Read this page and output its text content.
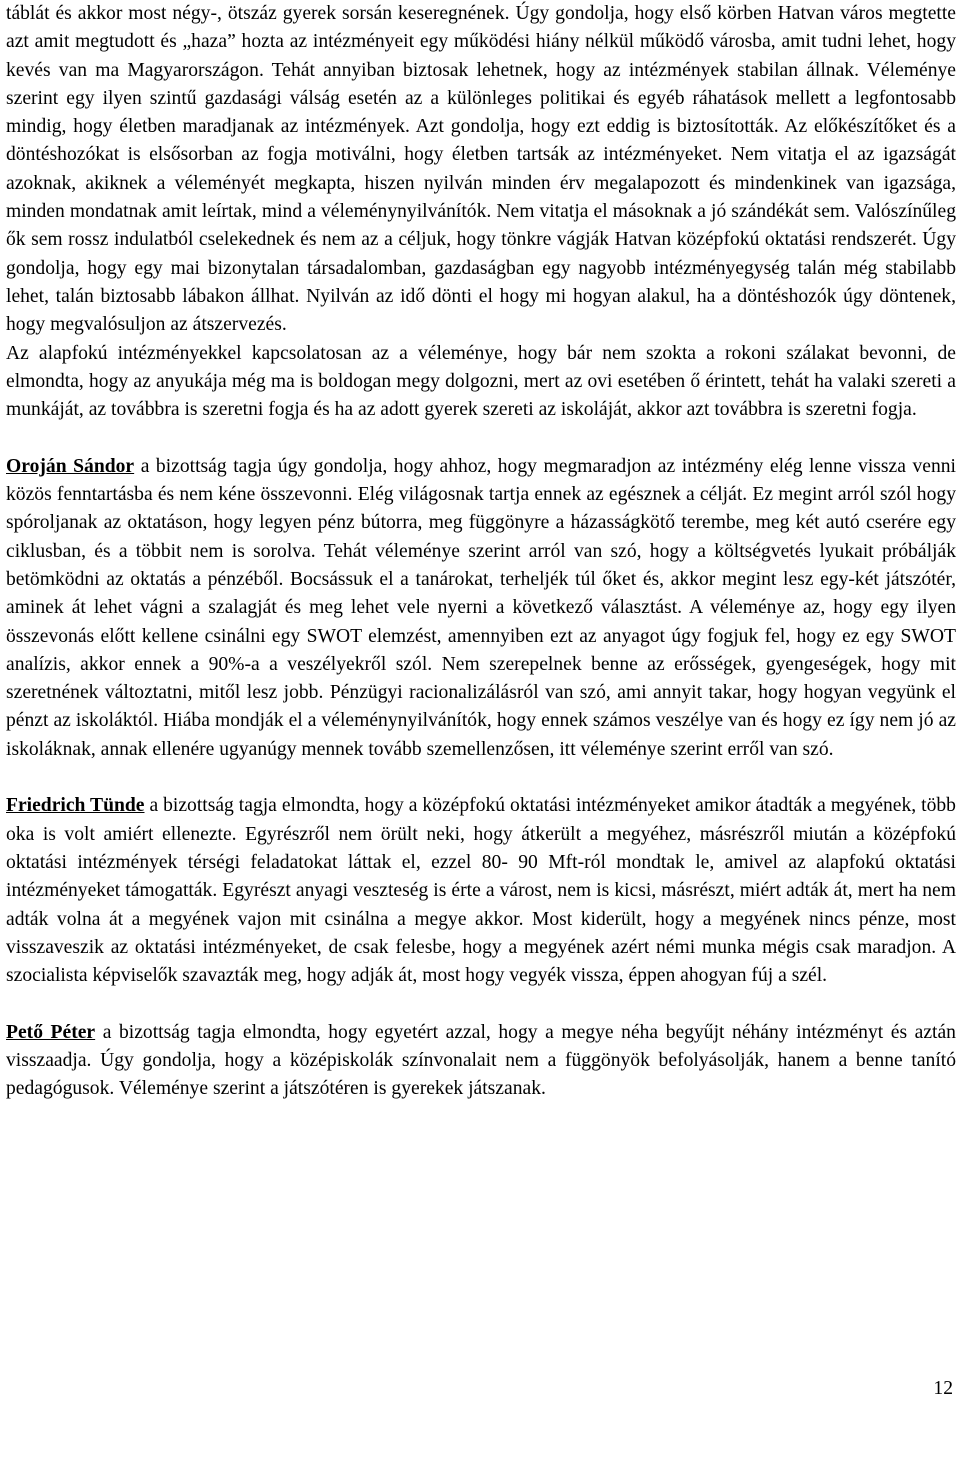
táblát és akkor most négy-, ötszáz gyerek sorsán keseregnének. Úgy gondolja, hogy első körben Hatvan város megtette azt amit megtudott és „haza” hozta az intézményeit egy működési hiány nélkül működő városba, amit tudni lehet, hogy kevés van ma Magyarországon. Tehát annyiban biztosak lehetnek, hogy az intézmények stabilan állnak. Véleménye szerint egy ilyen szintű gazdasági válság esetén az a különleges politikai és egyéb ráhatások mellett a legfontosabb mindig, hogy életben maradjanak az intézmények. Azt gondolja, hogy ezt eddig is biztosították. Az előkészítőket és a döntéshozókat is elsősorban az fogja motiválni, hogy életben tartsák az intézményeket. Nem vitatja el az igazságát azoknak, akiknek a véleményét megkapta, hiszen nyilván minden érv megalapozott és mindenkinek van igazsága, minden mondatnak amit leírtak, mind a véleménynyilvánítók. Nem vitatja el másoknak a jó szándékát sem. Valószínűleg ők sem rossz indulatból cselekednek és nem az a céljuk, hogy tönkre vágják Hatvan középfokú oktatási rendszerét. Úgy gondolja, hogy egy mai bizonytalan társadalomban, gazdaságban egy nagyobb intézményegység talán még stabilabb lehet, talán biztosabb lábakon állhat. Nyilván az idő dönti el hogy mi hogyan alakul, ha a döntéshozók úgy döntenek, hogy megvalósuljon az átszervezés.

Az alapfokú intézményekkel kapcsolatosan az a véleménye, hogy bár nem szokta a rokoni szálakat bevonni, de elmondta, hogy az anyukája még ma is boldogan megy dolgozni, mert az ovi esetében ő érintett, tehát ha valaki szereti a munkáját, az továbbra is szeretni fogja és ha az adott gyerek szereti az iskoláját, akkor azt továbbra is szeretni fogja.

Oroján Sándor a bizottság tagja úgy gondolja, hogy ahhoz, hogy megmaradjon az intézmény elég lenne vissza venni közös fenntartásba és nem kéne összevonni. Elég világosnak tartja ennek az egésznek a célját. Ez megint arról szól hogy spóroljanak az oktatáson, hogy legyen pénz bútorra, meg függönyre a házasságkötő terembe, meg két autó cserére egy ciklusban, és a többit nem is sorolva. Tehát véleménye szerint arról van szó, hogy a költségvetés lyukait próbálják betömködni az oktatás a pénzéből. Bocsássuk el a tanárokat, terheljék túl őket és, akkor megint lesz egy-két játszótér, aminek át lehet vágni a szalagját és meg lehet vele nyerni a következő választást. A véleménye az, hogy egy ilyen összevonás előtt kellene csinálni egy SWOT elemzést, amennyiben ezt az anyagot úgy fogjuk fel, hogy ez egy SWOT analízis, akkor ennek a 90%-a a veszélyekről szól. Nem szerepelnek benne az erősségek, gyengeségek, hogy mit szeretnének változtatni, mitől lesz jobb. Pénzügyi racionalizálásról van szó, ami annyit takar, hogy hogyan vegyünk el pénzt az iskoláktól. Hiába mondják el a véleménynyilvánítók, hogy ennek számos veszélye van és hogy ez így nem jó az iskoláknak, annak ellenére ugyanúgy mennek tovább szemellenzősen, itt véleménye szerint erről van szó.

Friedrich Tünde a bizottság tagja elmondta, hogy a középfokú oktatási intézményeket amikor átadták a megyének, több oka is volt amiért ellenezte. Egyrészről nem örült neki, hogy átkerült a megyéhez, másrészről miután a középfokú oktatási intézmények térségi feladatokat láttak el, ezzel 80- 90 Mft-ról mondtak le, amivel az alapfokú oktatási intézményeket támogatták. Egyrészt anyagi veszteség is érte a várost, nem is kicsi, másrészt, miért adták át, mert ha nem adták volna át a megyének vajon mit csinálna a megye akkor. Most kiderült, hogy a megyének nincs pénze, most visszaveszik az oktatási intézményeket, de csak felesbe, hogy a megyének azért némi munka mégis csak maradjon. A szocialista képviselők szavazták meg, hogy adják át, most hogy vegyék vissza, éppen ahogyan fúj a szél.

Pető Péter a bizottság tagja elmondta, hogy egyetért azzal, hogy a megye néha begyűjt néhány intézményt és aztán visszaadja. Úgy gondolja, hogy a középiskolák színvonalait nem a függönyök befolyásolják, hanem a benne tanító pedagógusok. Véleménye szerint a játszótéren is gyerekek játszanak.

12
